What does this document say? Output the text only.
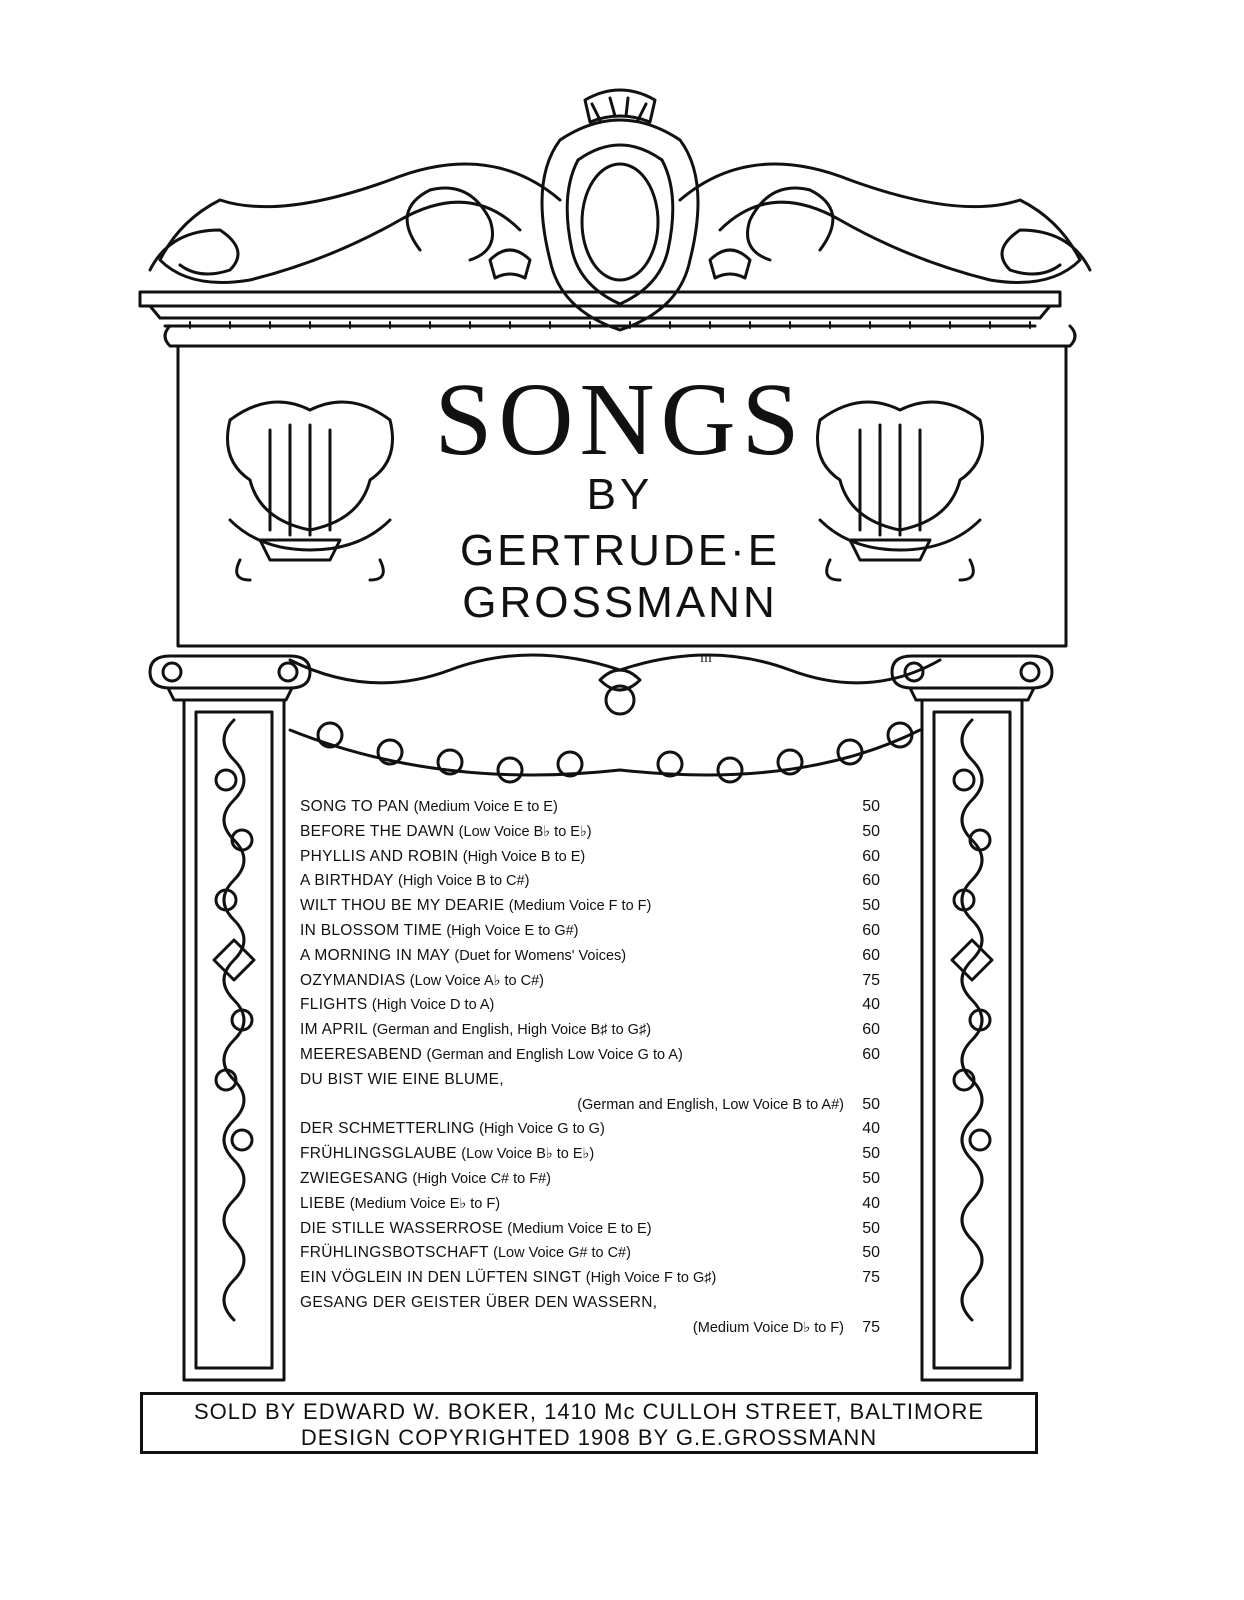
III
SONGS
BY
GERTRUDE·E
GROSSMANN
SONG TO PAN (Medium Voice E to E)	50
BEFORE THE DAWN (Low Voice B♭ to E♭)	50
PHYLLIS AND ROBIN (High Voice B to E)	60
A BIRTHDAY (High Voice B to C#)	60
WILT THOU BE MY DEARIE (Medium Voice F to F)	50
IN BLOSSOM TIME (High Voice E to G#)	60
A MORNING IN MAY (Duet for Womens' Voices)	60
OZYMANDIAS (Low Voice A♭ to C#)	75
FLIGHTS (High Voice D to A)	40
IM APRIL (German and English, High Voice B♯ to G♯)	60
MEERESABEND (German and English Low Voice G to A)	60
DU BIST WIE EINE BLUME,
(German and English, Low Voice B to A#) 50
DER SCHMETTERLING (High Voice G to G)	40
FRÜHLINGSGLAUBE (Low Voice B♭ to E♭)	50
ZWIEGESANG (High Voice C# to F#)	50
LIEBE (Medium Voice E♭ to F)	40
DIE STILLE WASSERROSE (Medium Voice E to E)	50
FRÜHLINGSBOTSCHAFT (Low Voice G# to C#)	50
EIN VÖGLEIN IN DEN LÜFTEN SINGT (High Voice F to G♯)	75
GESANG DER GEISTER ÜBER DEN WASSERN,
(Medium Voice D♭ to F) 75
SOLD BY EDWARD W. BOKER, 1410 Mc CULLOH STREET, BALTIMORE
DESIGN COPYRIGHTED 1908 BY G.E.GROSSMANN
